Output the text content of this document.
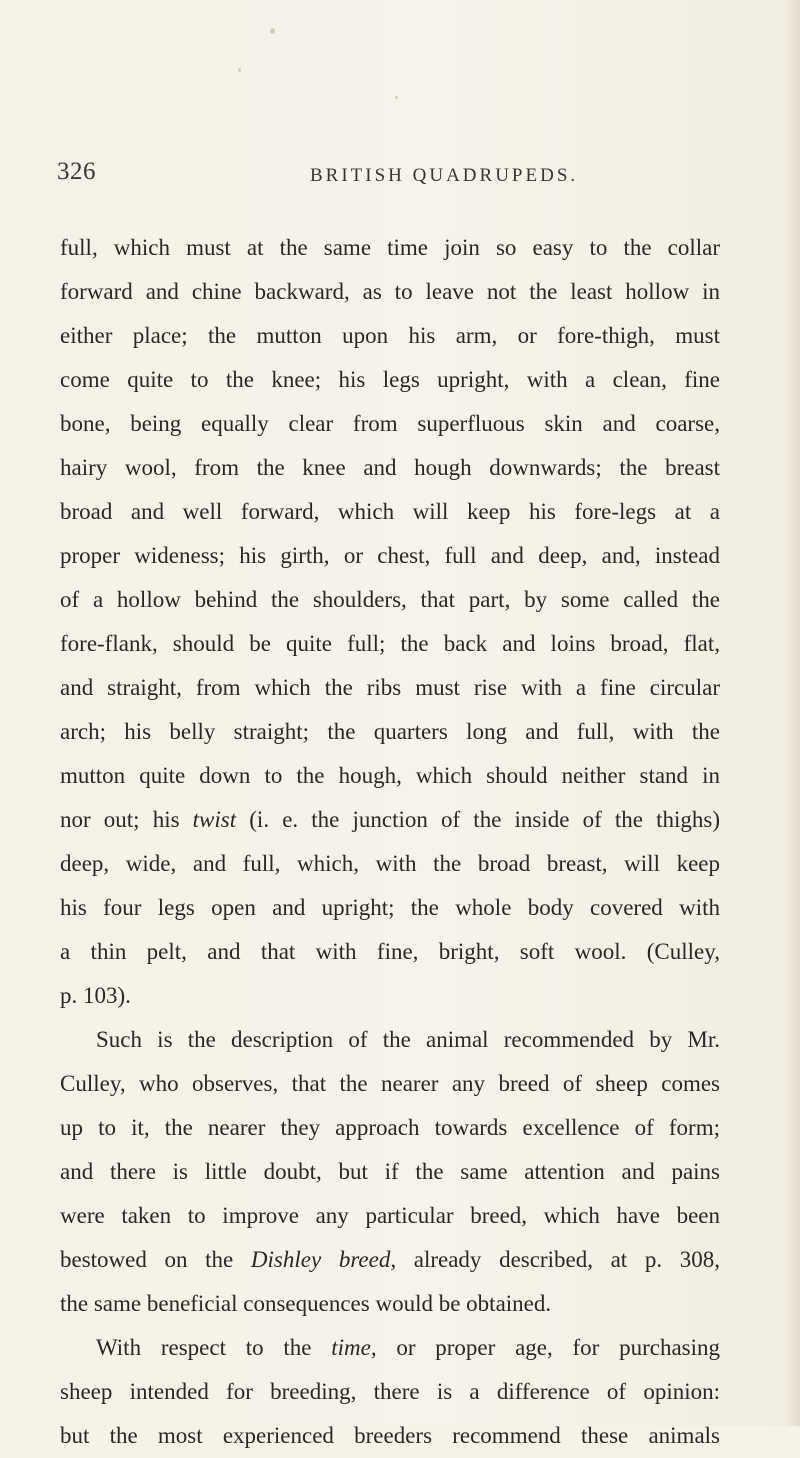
326	BRITISH QUADRUPEDS.
full, which must at the same time join so easy to the collar
forward and chine backward, as to leave not the least hollow in
either place; the mutton upon his arm, or fore-thigh, must
come quite to the knee; his legs upright, with a clean, fine
bone, being equally clear from superfluous skin and coarse,
hairy wool, from the knee and hough downwards; the breast
broad and well forward, which will keep his fore-legs at a
proper wideness; his girth, or chest, full and deep, and, instead
of a hollow behind the shoulders, that part, by some called the
fore-flank, should be quite full; the back and loins broad, flat,
and straight, from which the ribs must rise with a fine circular
arch; his belly straight; the quarters long and full, with the
mutton quite down to the hough, which should neither stand in
nor out; his twist (i. e. the junction of the inside of the thighs)
deep, wide, and full, which, with the broad breast, will keep
his four legs open and upright; the whole body covered with
a thin pelt, and that with fine, bright, soft wool. (Culley,
p. 103).
Such is the description of the animal recommended by Mr.
Culley, who observes, that the nearer any breed of sheep comes
up to it, the nearer they approach towards excellence of form;
and there is little doubt, but if the same attention and pains
were taken to improve any particular breed, which have been
bestowed on the Dishley breed, already described, at p. 308,
the same beneficial consequences would be obtained.
With respect to the time, or proper age, for purchasing
sheep intended for breeding, there is a difference of opinion:
but the most experienced breeders recommend these animals
